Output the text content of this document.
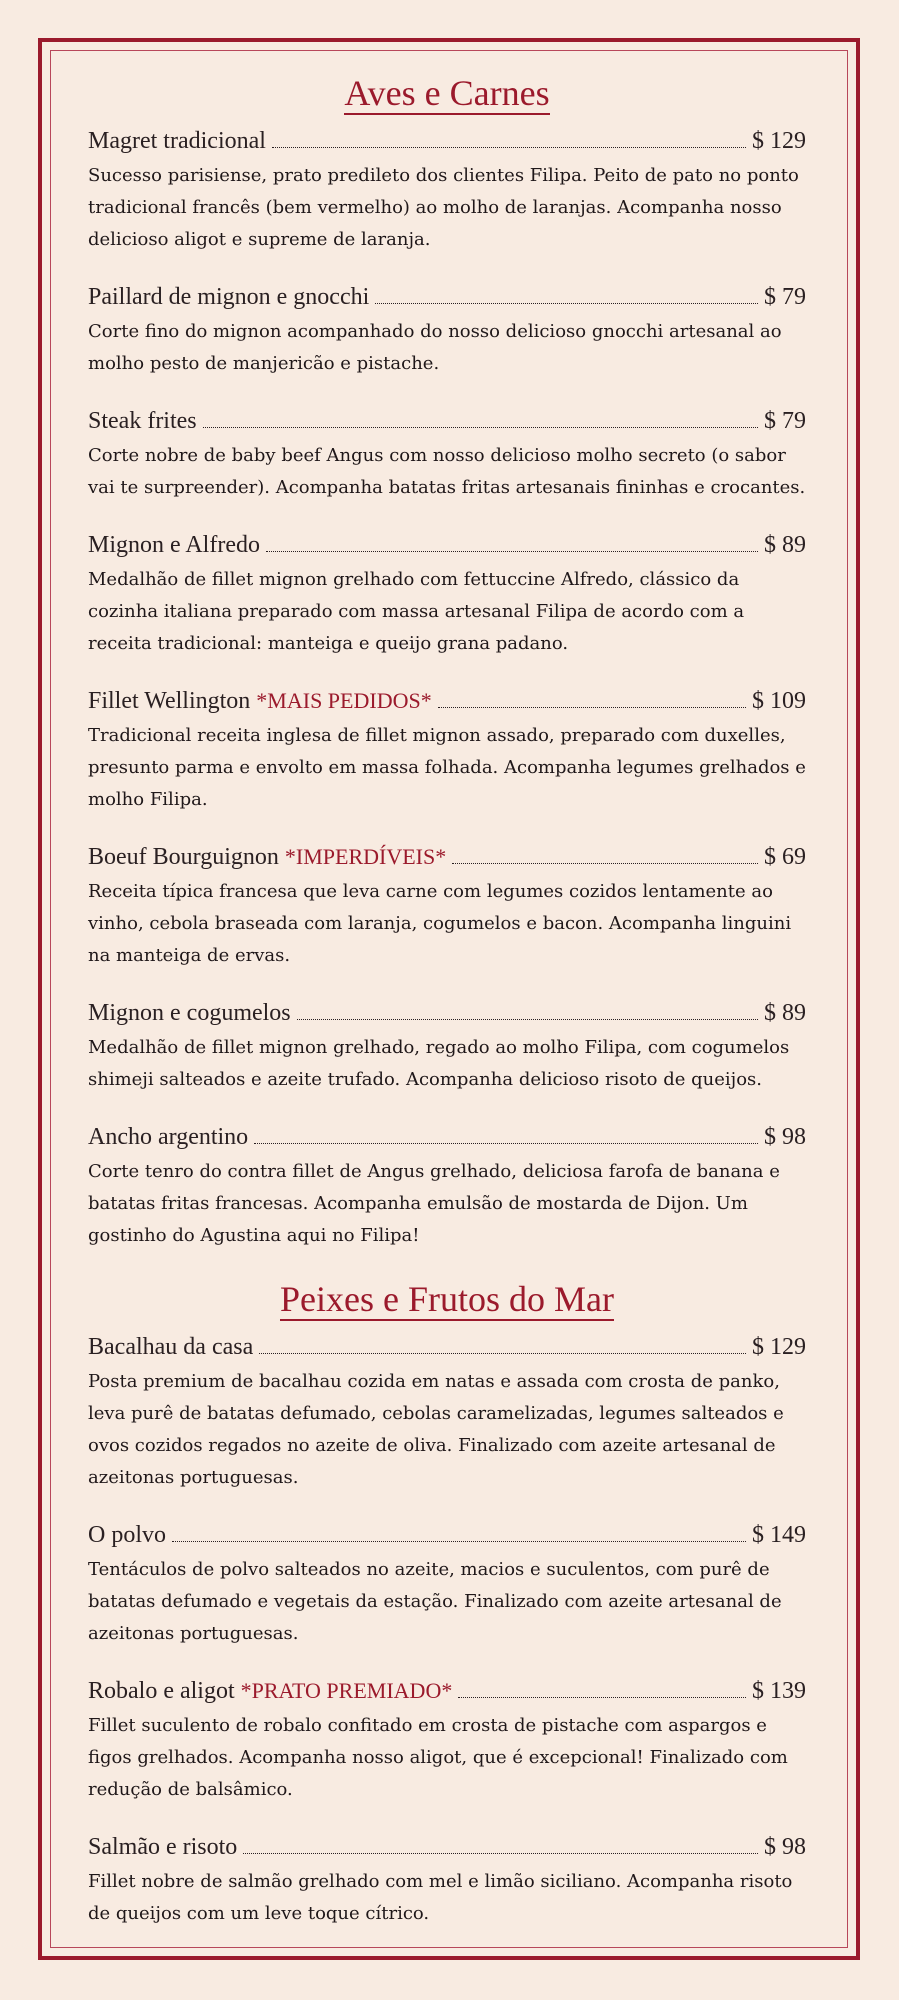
Aves e Carnes
Magret tradicional	$ 129

Sucesso parisiense, prato predileto dos clientes Filipa. Peito de pato no ponto tradicional francês (bem vermelho) ao molho de laranjas. Acompanha nosso delicioso aligot e supreme de laranja.

Paillard de mignon e gnocchi	$ 79

Corte fino do mignon acompanhado do nosso delicioso gnocchi artesanal ao molho pesto de manjericão e pistache.

Steak frites	$ 79

Corte nobre de baby beef Angus com nosso delicioso molho secreto (o sabor vai te surpreender). Acompanha batatas fritas artesanais fininhas e crocantes.

Mignon e Alfredo	$ 89

Medalhão de fillet mignon grelhado com fettuccine Alfredo, clássico da cozinha italiana preparado com massa artesanal Filipa de acordo com a receita tradicional: manteiga e queijo grana padano.

Fillet Wellington *MAIS PEDIDOS*	$ 109

Tradicional receita inglesa de fillet mignon assado, preparado com duxelles, presunto parma e envolto em massa folhada. Acompanha legumes grelhados e molho Filipa.

Boeuf Bourguignon *IMPERDÍVEIS*	$ 69

Receita típica francesa que leva carne com legumes cozidos lentamente ao vinho, cebola braseada com laranja, cogumelos e bacon. Acompanha linguini na manteiga de ervas.

Mignon e cogumelos	$ 89

Medalhão de fillet mignon grelhado, regado ao molho Filipa, com cogumelos shimeji salteados e azeite trufado. Acompanha delicioso risoto de queijos.

Ancho argentino	$ 98

Corte tenro do contra fillet de Angus grelhado, deliciosa farofa de banana e batatas fritas francesas. Acompanha emulsão de mostarda de Dijon. Um gostinho do Agustina aqui no Filipa!

Peixes e Frutos do Mar
Bacalhau da casa	$ 129

Posta premium de bacalhau cozida em natas e assada com crosta de panko, leva purê de batatas defumado, cebolas caramelizadas, legumes salteados e ovos cozidos regados no azeite de oliva. Finalizado com azeite artesanal de azeitonas portuguesas.

O polvo	$ 149

Tentáculos de polvo salteados no azeite, macios e suculentos, com purê de batatas defumado e vegetais da estação. Finalizado com azeite artesanal de azeitonas portuguesas.

Robalo e aligot *PRATO PREMIADO*	$ 139

Fillet suculento de robalo confitado em crosta de pistache com aspargos e figos grelhados. Acompanha nosso aligot, que é excepcional! Finalizado com redução de balsâmico.

Salmão e risoto	$ 98

Fillet nobre de salmão grelhado com mel e limão siciliano. Acompanha risoto de queijos com um leve toque cítrico.
